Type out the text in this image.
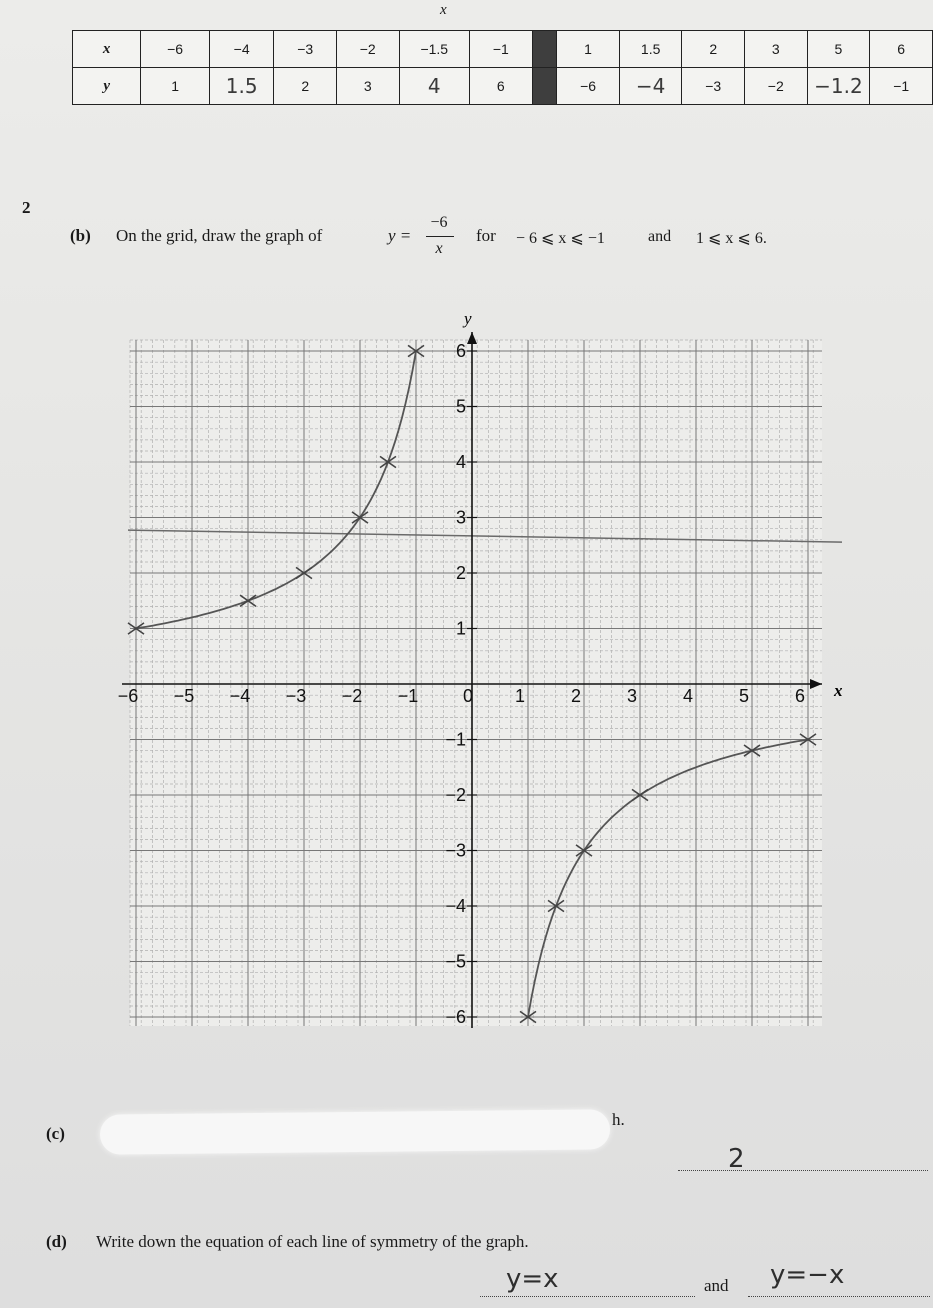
x
x	−6	−4	−3	−2	−1.5	−1		1	1.5	2	3	5	6
y	1	1.5	2	3	4	6		−6	−4	−3	−2	−1.2	−1
2
(b) On the grid, draw the graph of	y =
−6
x
for − 6 ⩽ x ⩽ −1	and 1 ⩽ x ⩽ 6.
x
y
−6 −5 −4 −3 −2 −1 0 1	2	3	4	5	6
6
5
4
3
2
1
−1
−2
−3
−4
−5
−6
(c)
h.
2
(d) Write down the equation of each line of symmetry of the graph.
y=x	and y=−x
